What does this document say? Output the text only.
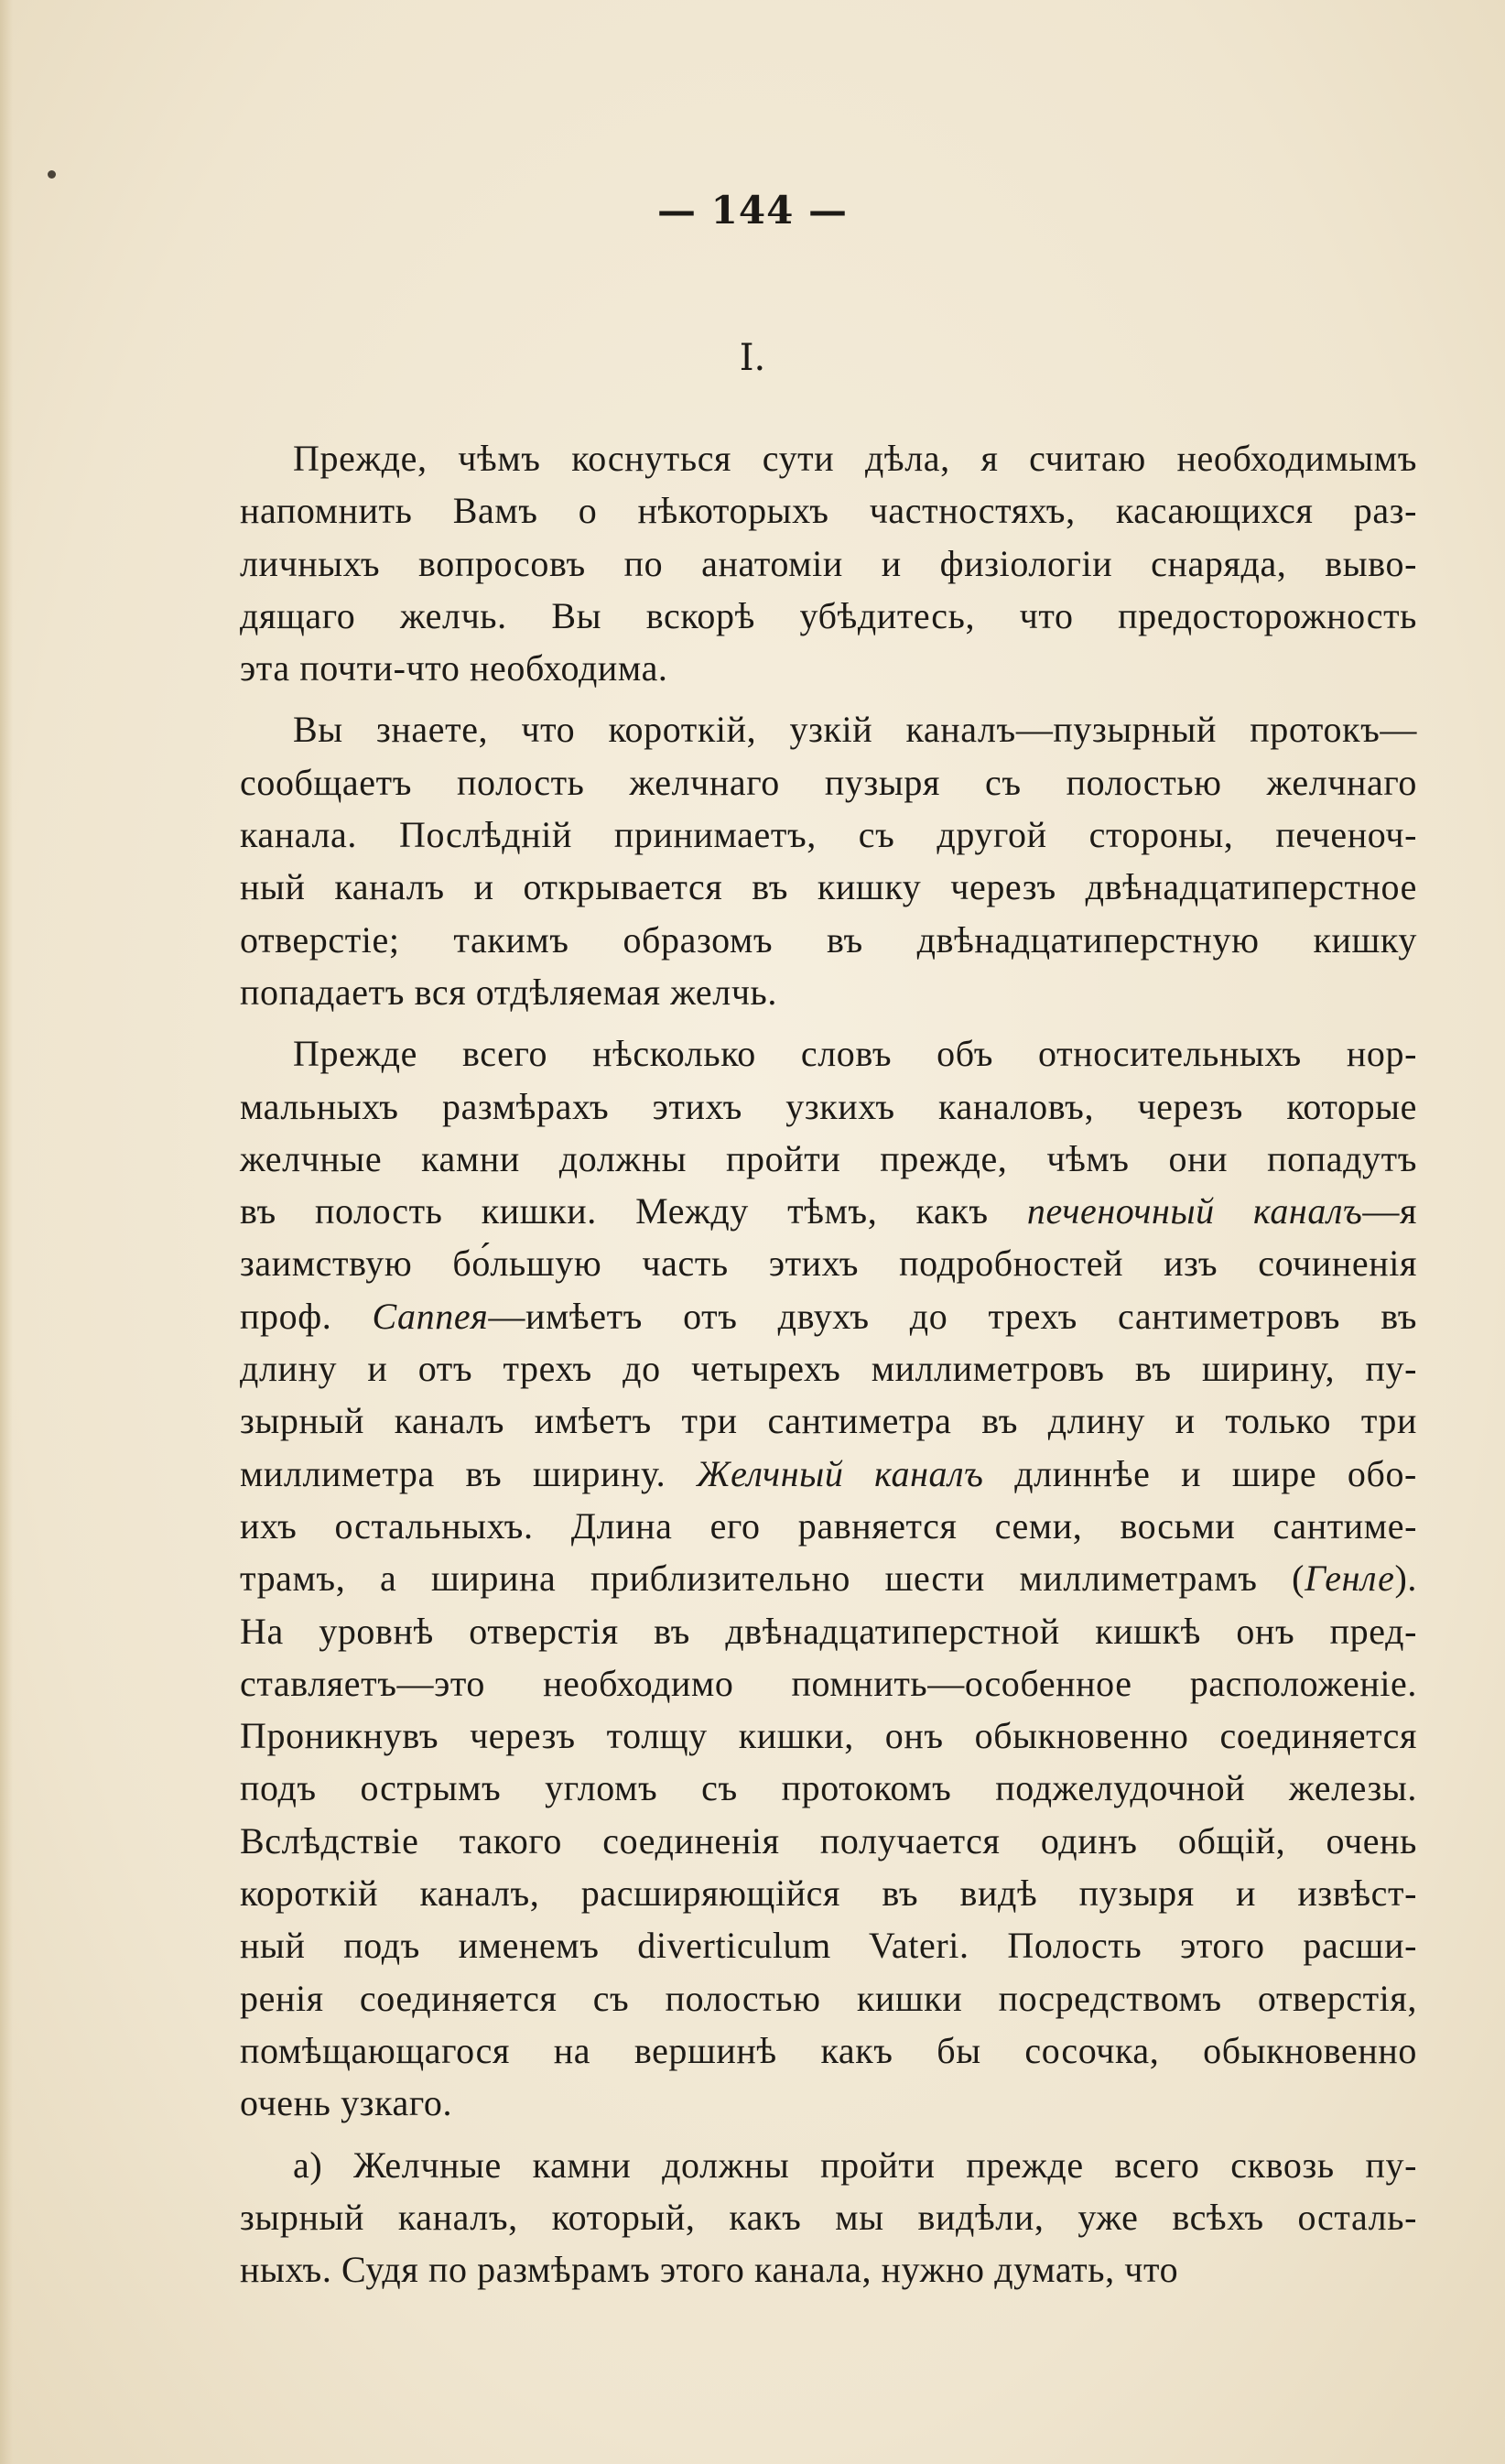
— 144 —
I.

Прежде, чѣмъ коснуться сути дѣла, я считаю необходимымъ
напомнить Вамъ о нѣкоторыхъ частностяхъ, касающихся раз-
личныхъ вопросовъ по анатоміи и физіологіи снаряда, выво-
дящаго желчь. Вы вскорѣ убѣдитесь, что предосторожность
эта почти-что необходима.

Вы знаете, что короткій, узкій каналъ—пузырный протокъ—
сообщаетъ полость желчнаго пузыря съ полостью желчнаго
канала. Послѣдній принимаетъ, съ другой стороны, печеноч-
ный каналъ и открывается въ кишку черезъ двѣнадцатиперстное
отверстіе; такимъ образомъ въ двѣнадцатиперстную кишку
попадаетъ вся отдѣляемая желчь.

Прежде всего нѣсколько словъ объ относительныхъ нор-
мальныхъ размѣрахъ этихъ узкихъ каналовъ, черезъ которые
желчные камни должны пройти прежде, чѣмъ они попадутъ
въ полость кишки. Между тѣмъ, какъ печеночный каналъ—я
заимствую бо́льшую часть этихъ подробностей изъ сочиненія
проф. Саппея—имѣетъ отъ двухъ до трехъ сантиметровъ въ
длину и отъ трехъ до четырехъ миллиметровъ въ ширину, пу-
зырный каналъ имѣетъ три сантиметра въ длину и только три
миллиметра въ ширину. Желчный каналъ длиннѣе и шире обо-
ихъ остальныхъ. Длина его равняется семи, восьми сантиме-
трамъ, а ширина приблизительно шести миллиметрамъ (Генле).
На уровнѣ отверстія въ двѣнадцатиперстной кишкѣ онъ пред-
ставляетъ—это необходимо помнить—особенное расположеніе.
Проникнувъ черезъ толщу кишки, онъ обыкновенно соединяется
подъ острымъ угломъ съ протокомъ поджелудочной железы.
Вслѣдствіе такого соединенія получается одинъ общій, очень
короткій каналъ, расширяющійся въ видѣ пузыря и извѣст-
ный подъ именемъ diverticulum Vateri. Полость этого расши-
ренія соединяется съ полостью кишки посредствомъ отверстія,
помѣщающагося на вершинѣ какъ бы сосочка, обыкновенно
очень узкаго.

а) Желчные камни должны пройти прежде всего сквозь пу-
зырный каналъ, который, какъ мы видѣли, уже всѣхъ осталь-
ныхъ. Судя по размѣрамъ этого канала, нужно думать, что
